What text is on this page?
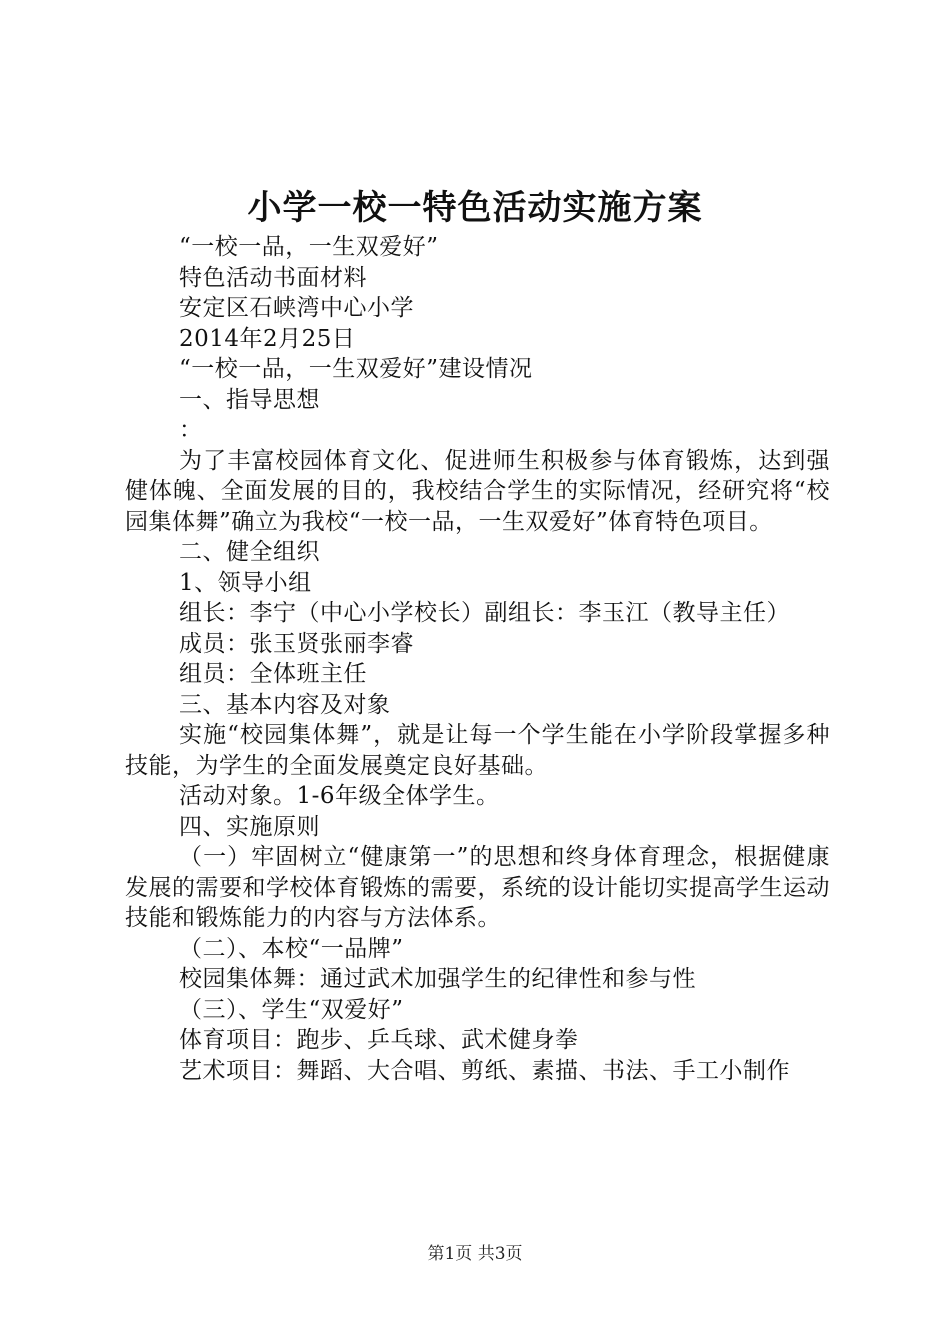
小学一校一特色活动实施方案

“一校一品，一生双爱好”

特色活动书面材料

安定区石峡湾中心小学

2014年2月25日

“一校一品，一生双爱好”建设情况

一、指导思想

：

为了丰富校园体育文化、促进师生积极参与体育锻炼，达到强健体魄、全面发展的目的，我校结合学生的实际情况，经研究将“校园集体舞”确立为我校“一校一品，一生双爱好”体育特色项目。

二、健全组织

1、领导小组

组长：李宁（中心小学校长）副组长：李玉江（教导主任）

成员：张玉贤张丽李睿

组员：全体班主任

三、基本内容及对象

实施“校园集体舞”，就是让每一个学生能在小学阶段掌握多种技能，为学生的全面发展奠定良好基础。

活动对象。1-6年级全体学生。

四、实施原则

（一）牢固树立“健康第一”的思想和终身体育理念，根据健康发展的需要和学校体育锻炼的需要，系统的设计能切实提高学生运动技能和锻炼能力的内容与方法体系。

（二）、本校“一品牌”

校园集体舞：通过武术加强学生的纪律性和参与性

（三）、学生“双爱好”

体育项目：跑步、乒乓球、武术健身拳

艺术项目：舞蹈、大合唱、剪纸、素描、书法、手工小制作

第1页 共3页
